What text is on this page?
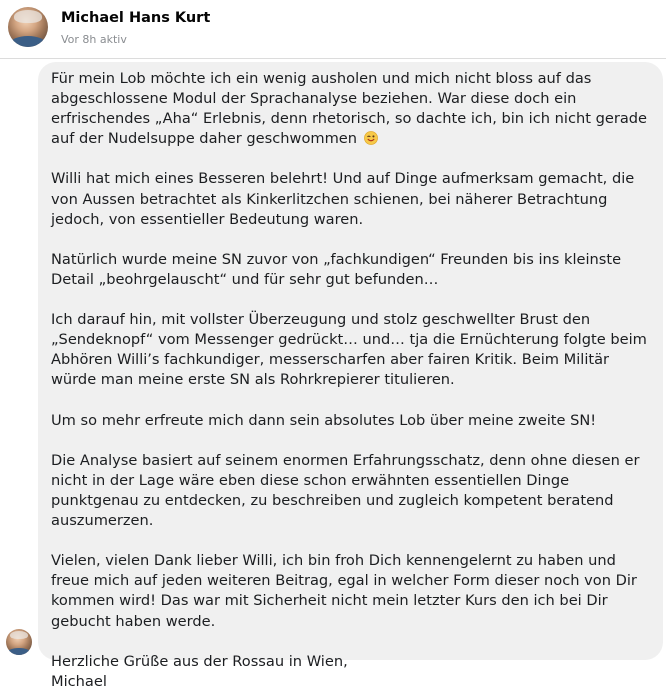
Michael Hans Kurt
Vor 8h aktiv

Für mein Lob möchte ich ein wenig ausholen und mich nicht bloss auf das abgeschlossene Modul der Sprachanalyse beziehen. War diese doch ein erfrischendes „Aha“ Erlebnis, denn rhetorisch, so dachte ich, bin ich nicht gerade auf der Nudelsuppe daher geschwommen

Willi hat mich eines Besseren belehrt! Und auf Dinge aufmerksam gemacht, die von Aussen betrachtet als Kinkerlitzchen schienen, bei näherer Betrachtung jedoch, von essentieller Bedeutung waren.

Natürlich wurde meine SN zuvor von „fachkundigen“ Freunden bis ins kleinste Detail „beohrgelauscht“ und für sehr gut befunden…

Ich darauf hin, mit vollster Überzeugung und stolz geschwellter Brust den „Sendeknopf“ vom Messenger gedrückt… und… tja die Ernüchterung folgte beim Abhören Willi’s fachkundiger, messerscharfen aber fairen Kritik. Beim Militär würde man meine erste SN als Rohrkrepierer titulieren.

Um so mehr erfreute mich dann sein absolutes Lob über meine zweite SN!

Die Analyse basiert auf seinem enormen Erfahrungsschatz, denn ohne diesen er nicht in der Lage wäre eben diese schon erwähnten essentiellen Dinge punktgenau zu entdecken, zu beschreiben und zugleich kompetent beratend auszumerzen.

Vielen, vielen Dank lieber Willi, ich bin froh Dich kennengelernt zu haben und freue mich auf jeden weiteren Beitrag, egal in welcher Form dieser noch von Dir kommen wird! Das war mit Sicherheit nicht mein letzter Kurs den ich bei Dir gebucht haben werde.

Herzliche Grüße aus der Rossau in Wien,
Michael
